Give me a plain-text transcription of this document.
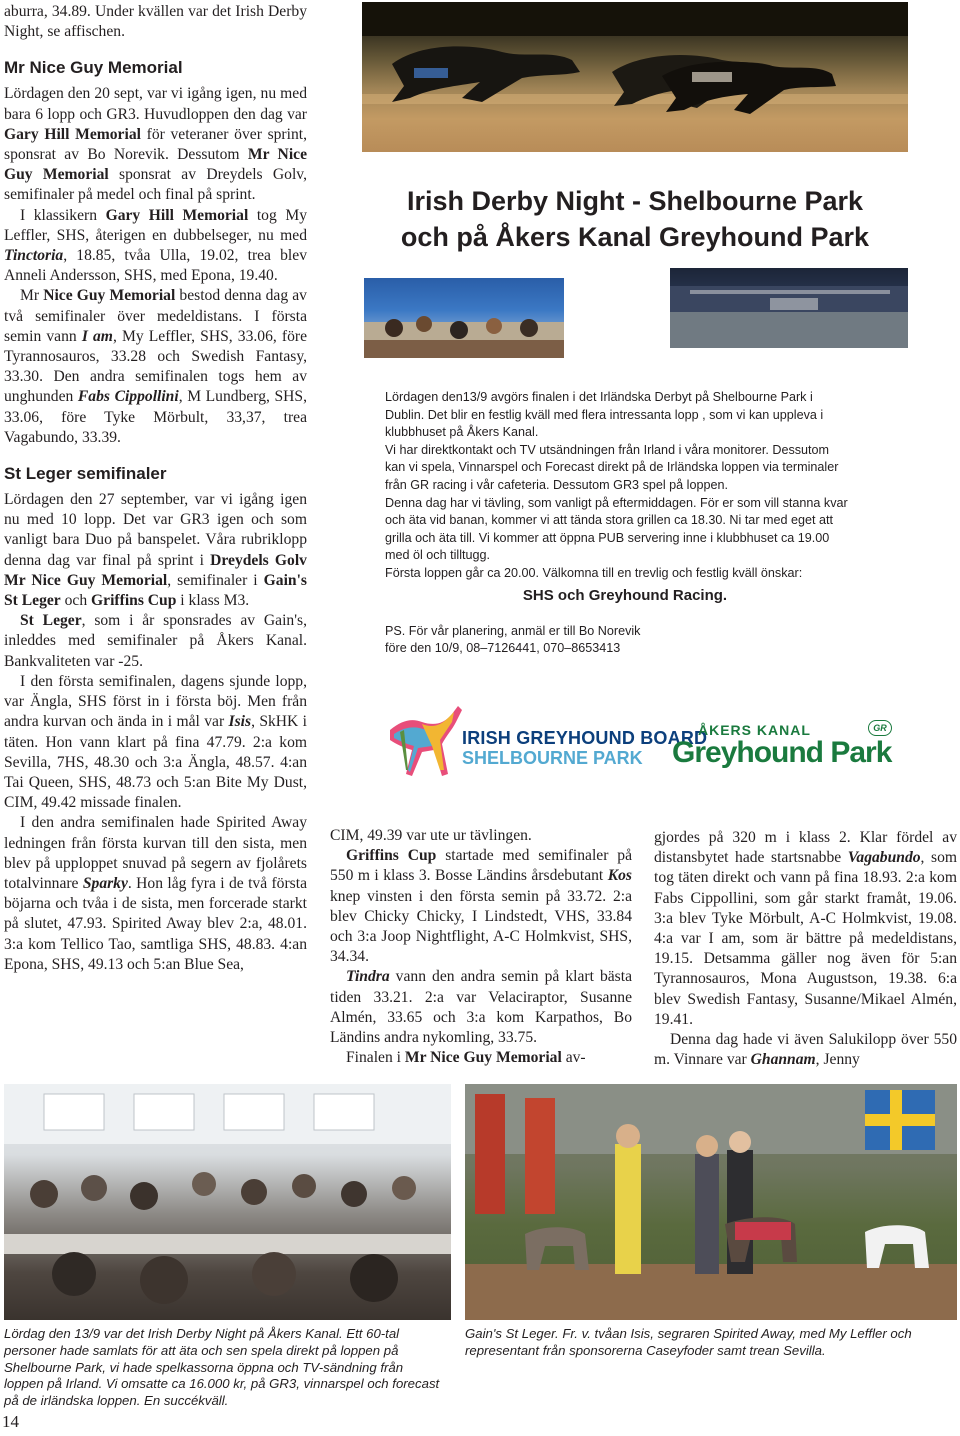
aburra, 34.89. Under kvällen var det Irish Derby Night, se affischen.

Mr Nice Guy Memorial

Lördagen den 20 sept, var vi igång igen, nu med bara 6 lopp och GR3. Huvudloppen den dag var Gary Hill Memorial för veteraner över sprint, sponsrat av Bo Norevik. Dessutom Mr Nice Guy Memorial sponsrat av Dreydels Golv, semifinaler på medel och final på sprint.

I klassikern Gary Hill Memorial tog My Leffler, SHS, återigen en dubbelseger, nu med Tinctoria, 18.85, tvåa Ulla, 19.02, trea blev Anneli Andersson, SHS, med Epona, 19.40.

Mr Nice Guy Memorial bestod denna dag av två semifinaler över medeldistans. I första semin vann I am, My Leffler, SHS, 33.06, före Tyrannosauros, 33.28 och Swedish Fantasy, 33.30. Den andra semifinalen togs hem av unghunden Fabs Cippollini, M Lundberg, SHS, 33.06, före Tyke Mörbult, 33,37, trea Vagabundo, 33.39.

St Leger semifinaler

Lördagen den 27 september, var vi igång igen nu med 10 lopp. Det var GR3 igen och som vanligt bara Duo på banspelet. Våra rubriklopp denna dag var final på sprint i Dreydels Golv Mr Nice Guy Memorial, semifinaler i Gain's St Leger och Griffins Cup i klass M3.

St Leger, som i år sponsrades av Gain's, inleddes med semifinaler på Åkers Kanal. Bankvaliteten var -25.

I den första semifinalen, dagens sjunde lopp, var Ängla, SHS först in i första böj. Men från andra kurvan och ända in i mål var Isis, SkHK i täten. Hon vann klart på fina 47.79. 2:a kom Sevilla, 7HS, 48.30 och 3:a Ängla, 48.57. 4:an Tai Queen, SHS, 48.73 och 5:an Bite My Dust, CIM, 49.42 missade finalen.

I den andra semifinalen hade Spirited Away ledningen från första kurvan till den sista, men blev på upploppet snuvad på segern av fjolårets totalvinnare Sparky. Hon låg fyra i de två första böjarna och tvåa i de sista, men forcerade starkt på slutet, 47.93. Spirited Away blev 2:a, 48.01. 3:a kom Tellico Tao, samtliga SHS, 48.83. 4:an Epona, SHS, 49.13 och 5:an Blue Sea,

Irish Derby Night - Shelbourne Park
och på Åkers Kanal Greyhound Park
Lördagen den13/9 avgörs finalen i det Irländska Derbyt på Shelbourne Park i
Dublin. Det blir en festlig kväll med flera intressanta lopp , som vi kan uppleva i
klubbhuset på Åkers Kanal.
Vi har direktkontakt och TV utsändningen från Irland i våra monitorer. Dessutom
kan vi spela, Vinnarspel och Forecast direkt på de Irländska loppen via terminaler
från GR racing i vår cafeteria. Dessutom GR3 spel på loppen.
Denna dag har vi tävling, som vanligt på eftermiddagen. För er som vill stanna kvar
och äta vid banan, kommer vi att tända stora grillen ca 18.30. Ni tar med eget att
grilla och äta till. Vi kommer att öppna PUB servering inne i klubbhuset ca 19.00
med öl och tilltugg.
Första loppen går ca 20.00. Välkomna till en trevlig och festlig kväll önskar:
SHS och Greyhound Racing.
PS. För vår planering, anmäl er till Bo Norevik
före den 10/9, 08–7126441, 070–8653413
IRISH GREYHOUND BOARD
SHELBOURNE PARK
ÅKERS KANAL
Greyhound Park
GR

CIM, 49.39 var ute ur tävlingen.

Griffins Cup startade med semifinaler på 550 m i klass 3. Bosse Ländins årsdebutant Kos knep vinsten i den första semin på 33.72. 2:a blev Chicky Chicky, I Lindstedt, VHS, 33.84 och 3:a Joop Nightflight, A-C Holmkvist, SHS, 34.34.

Tindra vann den andra semin på klart bästa tiden 33.21. 2:a var Velaciraptor, Susanne Almén, 33.65 och 3:a kom Karpathos, Bo Ländins andra nykomling, 33.75.

Finalen i Mr Nice Guy Memorial av-

gjordes på 320 m i klass 2. Klar fördel av distansbytet hade startsnabbe Vagabundo, som tog täten direkt och vann på fina 18.93. 2:a kom Fabs Cippollini, som går starkt framåt, 19.06. 3:a blev Tyke Mörbult, A-C Holmkvist, 19.08. 4:a var I am, som är bättre på medeldistans, 19.15. Detsamma gäller nog även för 5:an Tyrannosauros, Mona Augustson, 19.38. 6:a blev Swedish Fantasy, Susanne/Mikael Almén, 19.41.

Denna dag hade vi även Salukilopp över 550 m. Vinnare var Ghannam, Jenny

Lördag den 13/9 var det Irish Derby Night på Åkers Kanal. Ett 60-tal personer hade samlats för att äta och sen spela direkt på loppen på Shelbourne Park, vi hade spelkassorna öppna och TV-sändning från loppen på Irland. Vi omsatte ca 16.000 kr, på GR3, vinnarspel och forecast på de irländska loppen. En succékväll.
Gain's St Leger. Fr. v. tvåan Isis, segraren Spirited Away, med My Leffler och representant från sponsorerna Caseyfoder samt trean Sevilla.
14
